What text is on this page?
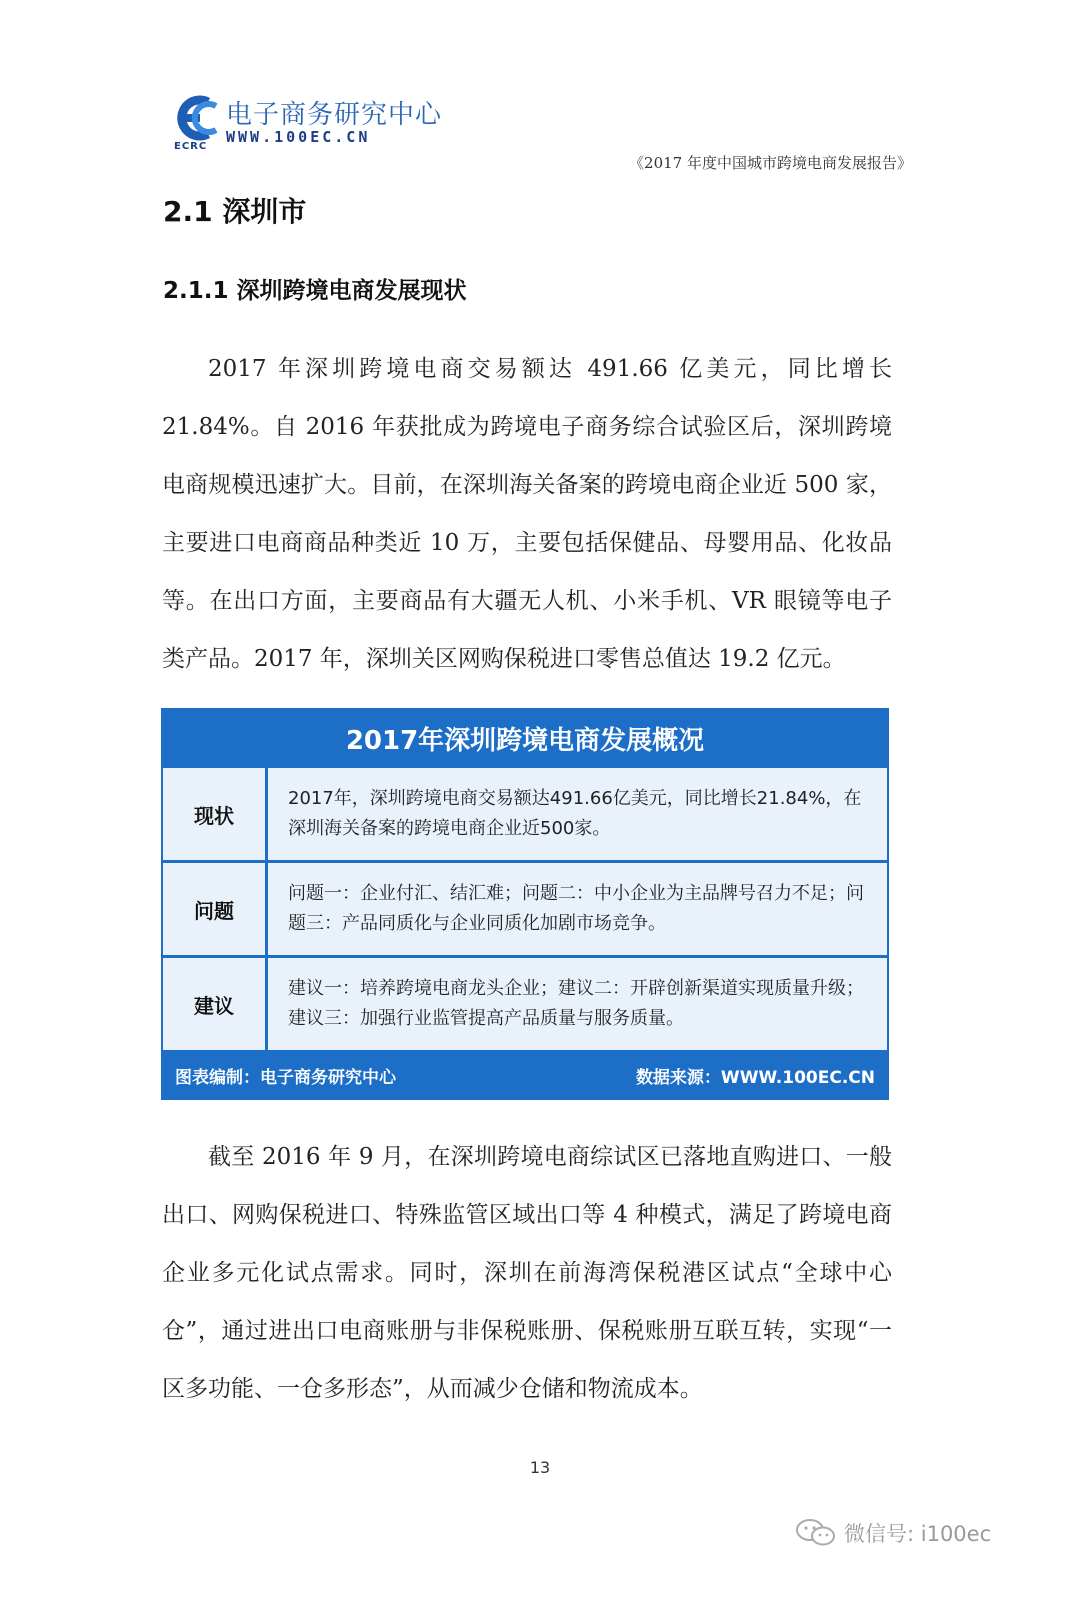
电子商务研究中心
WWW.100EC.CN
ECRC
《2017 年度中国城市跨境电商发展报告》
2.1 深圳市
2.1.1 深圳跨境电商发展现状

2017 年深圳跨境电商交易额达 491.66 亿美元，同比增长 21.84%。自 2016 年获批成为跨境电子商务综合试验区后，深圳跨境电商规模迅速扩大。目前，在深圳海关备案的跨境电商企业近 500 家，主要进口电商商品种类近 10 万，主要包括保健品、母婴用品、化妆品等。在出口方面，主要商品有大疆无人机、小米手机、VR 眼镜等电子类产品。2017 年，深圳关区网购保税进口零售总值达 19.2 亿元。

2017年深圳跨境电商发展概况
现状
2017年，深圳跨境电商交易额达491.66亿美元，同比增长21.84%，在深圳海关备案的跨境电商企业近500家。
问题
问题一：企业付汇、结汇难；问题二：中小企业为主品牌号召力不足；问题三：产品同质化与企业同质化加剧市场竞争。
建议
建议一：培养跨境电商龙头企业；建议二：开辟创新渠道实现质量升级；建议三：加强行业监管提高产品质量与服务质量。
图表编制：电子商务研究中心	数据来源：WWW.100EC.CN

截至 2016 年 9 月，在深圳跨境电商综试区已落地直购进口、一般出口、网购保税进口、特殊监管区域出口等 4 种模式，满足了跨境电商企业多元化试点需求。同时，深圳在前海湾保税港区试点“全球中心仓”，通过进出口电商账册与非保税账册、保税账册互联互转，实现“一区多功能、一仓多形态”，从而减少仓储和物流成本。

13
微信号: i100ec
